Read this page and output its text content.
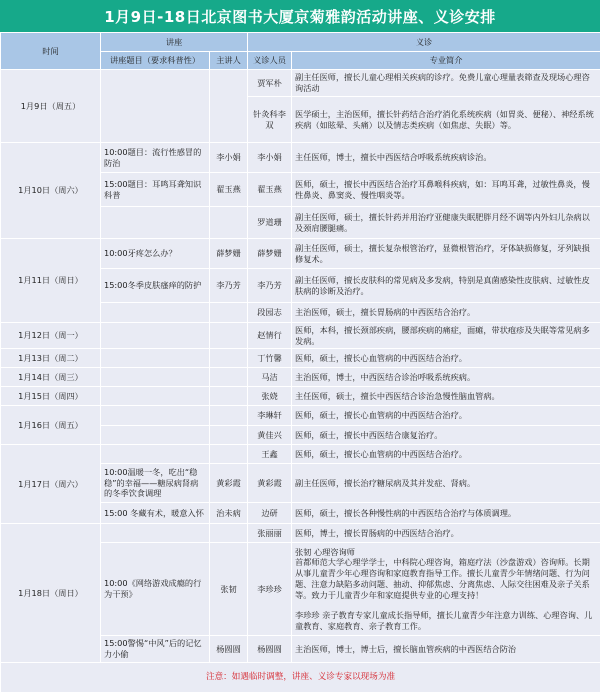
1月9日-18日北京图书大厦京菊雅韵活动讲座、义诊安排
时间	讲座		义诊	
	讲座题目（要求科普性）	主讲人	义诊人员	专业简介
1月9日（周五）			贾军朴	副主任医师，擅长儿童心理相关疾病的诊疗。免费儿童心理量表筛查及现场心理咨询活动
			针灸科李双	医学硕士，主治医师，擅长针药结合治疗消化系统疾病（如胃炎、便秘）、神经系统疾病（如眩晕、头痛）以及情志类疾病（如焦虑、失眠）等。
1月10日（周六）	10:00题目：流行性感冒的防治	李小娟	李小娟	主任医师，博士，擅长中西医结合呼吸系统疾病诊治。
	15:00题目：耳鸣耳聋知识科普	翟玉燕	翟玉燕	医师，硕士，擅长中西医结合治疗耳鼻喉科疾病，如：耳鸣耳聋，过敏性鼻炎，慢性鼻炎、鼻窦炎、慢性咽炎等。
			罗道珊	副主任医师，硕士，擅长针药并用治疗亚健康失眠肥胖月经不调等内外妇儿杂病以及颈肩腰腿痛。
1月11日（周日）	10:00牙疼怎么办？	薛梦姗	薛梦姗	副主任医师，硕士，擅长复杂根管治疗，显微根管治疗，牙体缺损修复，牙列缺损修复术。
	15:00冬季皮肤瘙痒的防护	李乃芳	李乃芳	副主任医师，擅长皮肤科的常见病及多发病，特别是真菌感染性皮肤病、过敏性皮肤病的诊断及治疗。
			段园志	主治医师，硕士，擅长胃肠病的中西医结合治疗。
1月12日（周一）			赵情行	医师，本科，擅长颈部疾病，腰部疾病的痛症，面瘫，带状疱疹及失眠等常见病多发病。
1月13日（周二）			丁竹馨	医师，硕士，擅长心血管病的中西医结合治疗。
1月14日（周三）			马洁	主治医师，博士，中西医结合诊治呼吸系统疾病。
1月15日（周四）			张娆	主任医师，硕士，擅长中西医结合诊治急慢性脑血管病。
1月16日（周五）			李琳轩	医师，硕士，擅长心血管病的中西医结合治疗。
			黄佳兴	医师，硕士，擅长中西医结合康复治疗。
1月17日（周六）			王鑫	医师，硕士，擅长心血管病的中西医结合治疗。
	10:00温暖一冬，吃出“稳稳”的幸福——糖尿病肾病的冬季饮食调理	黄彩霞	黄彩霞	副主任医师，擅长治疗糖尿病及其并发症、肾病。
	15:00 冬藏有术，暖意入怀	治未病	边研	医师，硕士，擅长各种慢性病的中西医结合治疗与体质调理。
1月18日（周日）			张丽丽	医师，博士，擅长胃肠病的中西医结合治疗。
	10:00《网络游戏成瘾的行为干预》	张韧	李珍珍	张韧 心理咨询师
首都师范大学心理学学士，中科院心理咨询，箱庭疗法（沙盘游戏）咨询师。长期从事儿童青少年心理咨询和家庭教育指导工作。擅长儿童青少年情绪问题、行为问题、注意力缺陷多动问题、抽动、抑郁焦虑、分离焦虑、人际交往困难及亲子关系等。致力于儿童青少年和家庭提供专业的心理支持！
李珍珍 亲子教育专家儿童成长指导师，擅长儿童青少年注意力训练、心理咨询、儿童教育、家庭教育、亲子教育工作。

	15:00警惕“中风”后的记忆力小偷	杨圆圆	杨圆圆	主治医师，博士，博士后，擅长脑血管疾病的中西医结合防治
注意：如遇临时调整，讲座、义诊专家以现场为准				
